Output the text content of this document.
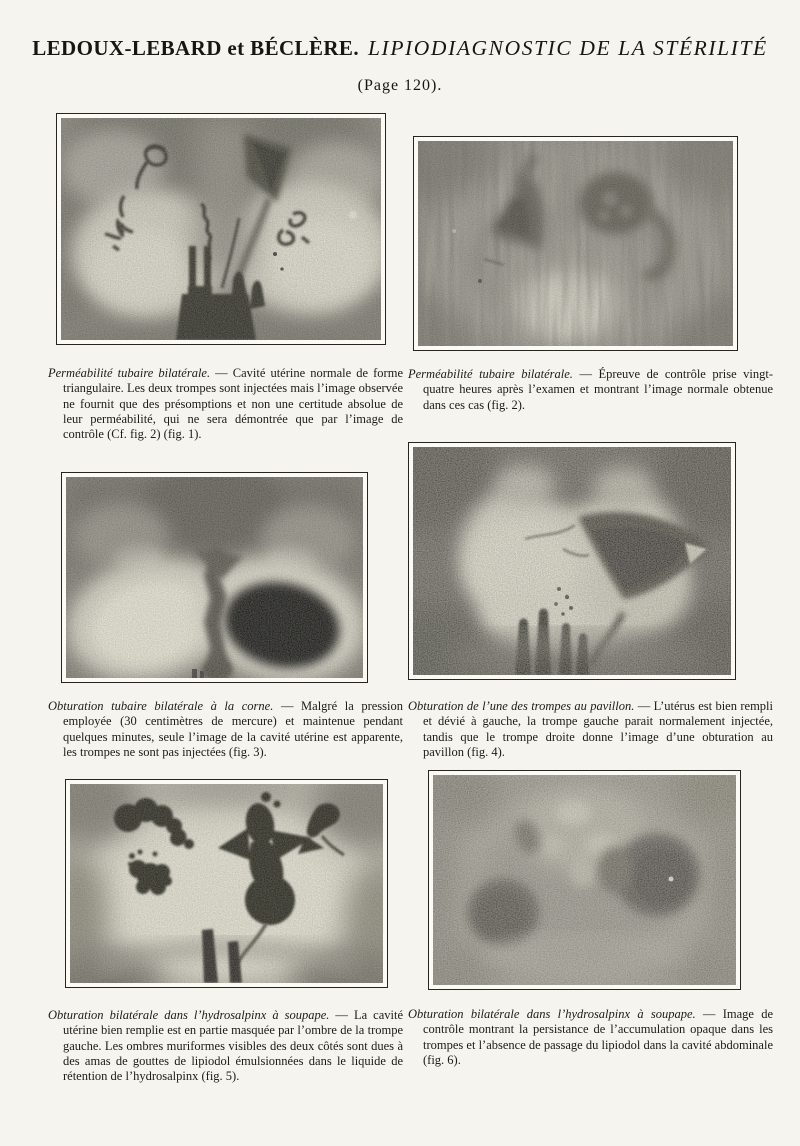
LEDOUX-LEBARD et BÉCLÈRE. LIPIODIAGNOSTIC DE LA STÉRILITÉ
(Page 120).
Perméabilité tubaire bilatérale. — Cavité utérine normale de forme triangulaire. Les deux trompes sont injectées mais l’image observée ne fournit que des présomptions et non une certitude absolue de leur perméabilité, qui ne sera démontrée que par l’image de contrôle (Cf. fig. 2) (fig. 1).
Perméabilité tubaire bilatérale. — Épreuve de contrôle prise vingt-quatre heures après l’examen et montrant l’image normale obtenue dans ces cas (fig. 2).
Obturation tubaire bilatérale à la corne. — Malgré la pression employée (30 centimètres de mercure) et maintenue pendant quelques minutes, seule l’image de la cavité utérine est apparente, les trompes ne sont pas injectées (fig. 3).
Obturation de l’une des trompes au pavillon. — L’utérus est bien rempli et dévié à gauche, la trompe gauche parait normalement injectée, tandis que le trompe droite donne l’image d’une obturation au pavillon (fig. 4).
Obturation bilatérale dans l’hydrosalpinx à soupape. — La cavité utérine bien remplie est en partie masquée par l’ombre de la trompe gauche. Les ombres muriformes visibles des deux côtés sont dues à des amas de gouttes de lipiodol émulsionnées dans le liquide de rétention de l’hydrosalpinx (fig. 5).
Obturation bilatérale dans l’hydrosalpinx à soupape. — Image de contrôle montrant la persistance de l’accumulation opaque dans les trompes et l’absence de passage du lipiodol dans la cavité abdominale (fig. 6).
